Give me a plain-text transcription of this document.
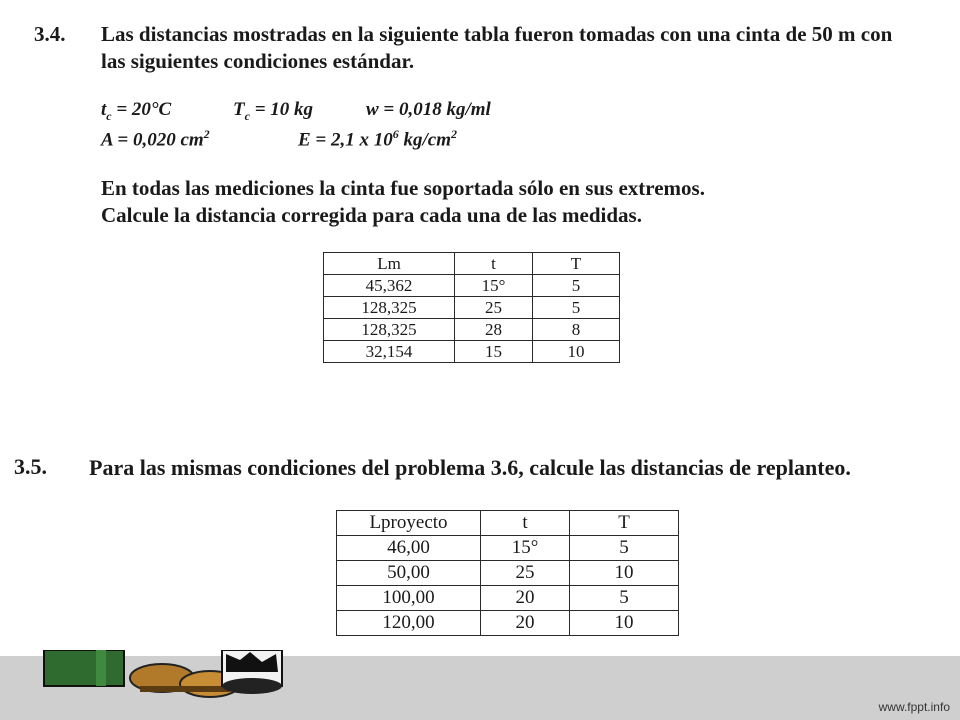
3.4. Las distancias mostradas en la siguiente tabla fueron tomadas con una cinta de 50 m con
las siguientes condiciones estándar.
$t_c = 20^\circ C$	$T_c = 10$ kg	w = 0,018 kg/ml
A = 0,020 $cm^2$	E = 2,1 x $10^6$ $kg/cm^2$
En todas las mediciones la cinta fue soportada sólo en sus extremos.
Calcule la distancia corregida para cada una de las medidas.
Lm	t	T
45,362	15°	5
128,325	25	5
128,325	28	8
32,154	15	10
3.5. Para las mismas condiciones del problema 3.6, calcule las distancias de replanteo.
Lproyecto	t	T
46,00	15°	5
50,00	25	10
100,00	20	5
120,00	20	10
www.fppt.info
